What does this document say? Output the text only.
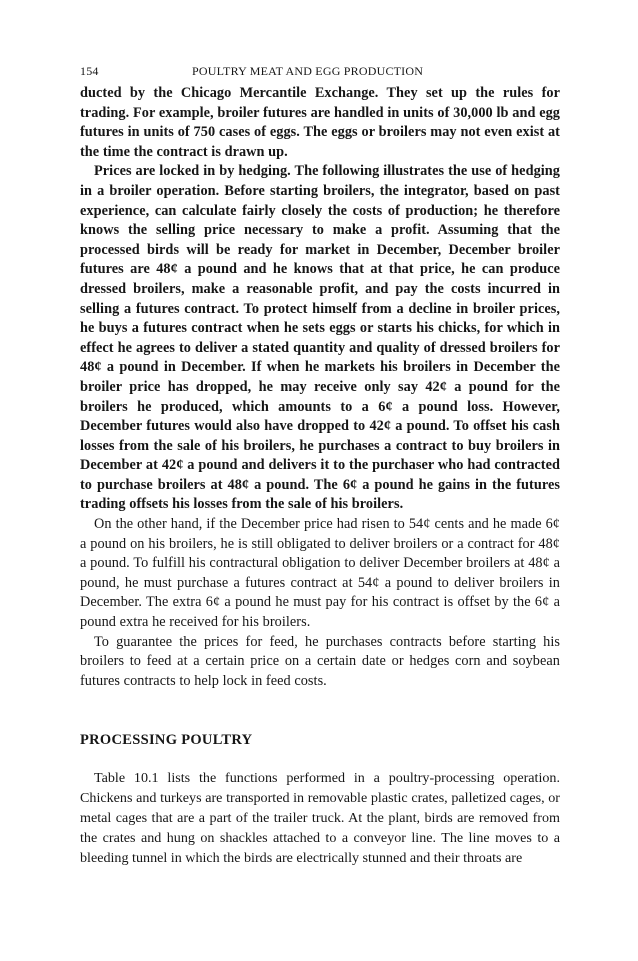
154	POULTRY MEAT AND EGG PRODUCTION

ducted by the Chicago Mercantile Exchange. They set up the rules for trading. For example, broiler futures are handled in units of 30,000 lb and egg futures in units of 750 cases of eggs. The eggs or broilers may not even exist at the time the contract is drawn up.

Prices are locked in by hedging. The following illustrates the use of hedging in a broiler operation. Before starting broilers, the integrator, based on past experience, can calculate fairly closely the costs of production; he therefore knows the selling price necessary to make a profit. Assuming that the processed birds will be ready for market in December, December broiler futures are 48¢ a pound and he knows that at that price, he can produce dressed broilers, make a reasonable profit, and pay the costs incurred in selling a futures contract. To protect himself from a decline in broiler prices, he buys a futures contract when he sets eggs or starts his chicks, for which in effect he agrees to deliver a stated quantity and quality of dressed broilers for 48¢ a pound in December. If when he markets his broilers in December the broiler price has dropped, he may receive only say 42¢ a pound for the broilers he produced, which amounts to a 6¢ a pound loss. However, December futures would also have dropped to 42¢ a pound. To offset his cash losses from the sale of his broilers, he purchases a contract to buy broilers in December at 42¢ a pound and delivers it to the purchaser who had contracted to purchase broilers at 48¢ a pound. The 6¢ a pound he gains in the futures trading offsets his losses from the sale of his broilers.

On the other hand, if the December price had risen to 54¢ cents and he made 6¢ a pound on his broilers, he is still obligated to deliver broilers or a contract for 48¢ a pound. To fulfill his contractural obligation to deliver December broilers at 48¢ a pound, he must purchase a futures contract at 54¢ a pound to deliver broilers in December. The extra 6¢ a pound he must pay for his contract is offset by the 6¢ a pound extra he received for his broilers.

To guarantee the prices for feed, he purchases contracts before starting his broilers to feed at a certain price on a certain date or hedges corn and soybean futures contracts to help lock in feed costs.

PROCESSING POULTRY

Table 10.1 lists the functions performed in a poultry-processing operation. Chickens and turkeys are transported in removable plastic crates, palletized cages, or metal cages that are a part of the trailer truck. At the plant, birds are removed from the crates and hung on shackles attached to a conveyor line. The line moves to a bleeding tunnel in which the birds are electrically stunned and their throats are
